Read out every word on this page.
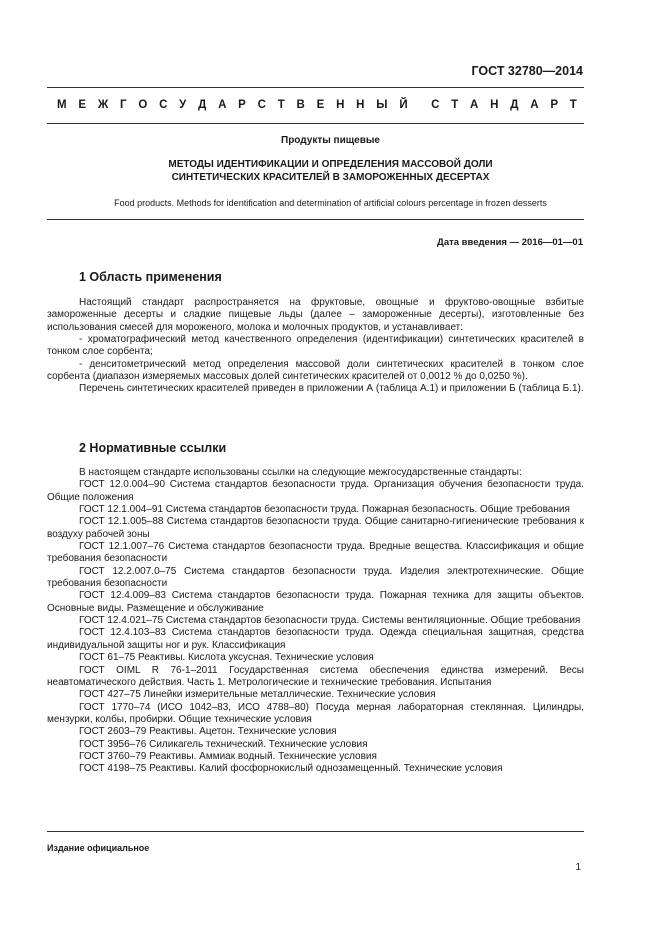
ГОСТ 32780—2014
М Е Ж Г О С У Д А Р С Т В Е Н Н Ы Й С Т А Н Д А Р Т
Продукты пищевые
МЕТОДЫ ИДЕНТИФИКАЦИИ И ОПРЕДЕЛЕНИЯ МАССОВОЙ ДОЛИ
СИНТЕТИЧЕСКИХ КРАСИТЕЛЕЙ В ЗАМОРОЖЕННЫХ ДЕСЕРТАХ
Food products. Methods for identification and determination of artificial colours percentage in frozen desserts
Дата введения — 2016—01—01
1 Область применения

Настоящий стандарт распространяется на фруктовые, овощные и фруктово-овощные взбитые замороженные десерты и сладкие пищевые льды (далее – замороженные десерты), изготовленные без использования смесей для мороженого, молока и молочных продуктов, и устанавливает:

- хроматографический метод качественного определения (идентификации) синтетических красителей в тонком слое сорбента;

- денситометрический метод определения массовой доли синтетических красителей в тонком слое сорбента (диапазон измеряемых массовых долей синтетических красителей от 0,0012 % до 0,0250 %).

Перечень синтетических красителей приведен в приложении А (таблица А.1) и приложении Б (таблица Б.1).

2 Нормативные ссылки

В настоящем стандарте использованы ссылки на следующие межгосударственные стандарты:

ГОСТ 12.0.004–90 Система стандартов безопасности труда. Организация обучения безопасности труда. Общие положения

ГОСТ 12.1.004–91 Система стандартов безопасности труда. Пожарная безопасность. Общие требования

ГОСТ 12.1.005–88 Система стандартов безопасности труда. Общие санитарно-гигиенические требования к воздуху рабочей зоны

ГОСТ 12.1.007–76 Система стандартов безопасности труда. Вредные вещества. Классификация и общие требования безопасности

ГОСТ 12.2.007.0–75 Система стандартов безопасности труда. Изделия электротехнические. Общие требования безопасности

ГОСТ 12.4.009–83 Система стандартов безопасности труда. Пожарная техника для защиты объектов. Основные виды. Размещение и обслуживание

ГОСТ 12.4.021–75 Система стандартов безопасности труда. Системы вентиляционные. Общие требования

ГОСТ 12.4.103–83 Система стандартов безопасности труда. Одежда специальная защитная, средства индивидуальной защиты ног и рук. Классификация

ГОСТ 61–75 Реактивы. Кислота уксусная. Технические условия

ГОСТ OIML R 76-1–2011 Государственная система обеспечения единства измерений. Весы неавтоматического действия. Часть 1. Метрологические и технические требования. Испытания

ГОСТ 427–75 Линейки измерительные металлические. Технические условия

ГОСТ 1770–74 (ИСО 1042–83, ИСО 4788–80) Посуда мерная лабораторная стеклянная. Цилиндры, мензурки, колбы, пробирки. Общие технические условия

ГОСТ 2603–79 Реактивы. Ацетон. Технические условия

ГОСТ 3956–76 Силикагель технический. Технические условия

ГОСТ 3760–79 Реактивы. Аммиак водный. Технические условия

ГОСТ 4198–75 Реактивы. Калий фосфорнокислый однозамещенный. Технические условия

Издание официальное
1
